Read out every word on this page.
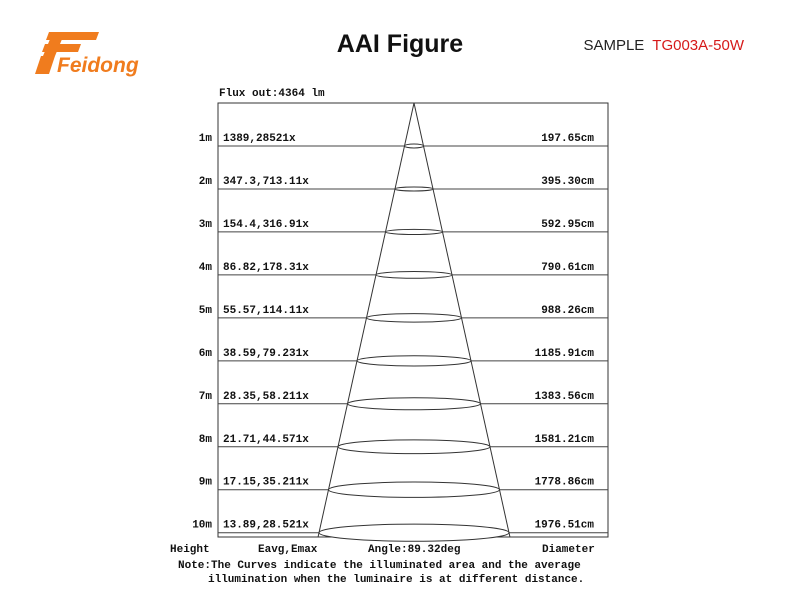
Feidong
AAI Figure	SAMPLE TG003A-50W
Flux out:4364 lm
1m 1389,28521x	197.65cm
2m 347.3,713.11x	395.30cm
3m 154.4,316.91x	592.95cm
4m 86.82,178.31x	790.61cm
5m 55.57,114.11x	988.26cm
6m 38.59,79.231x	1185.91cm
7m 28.35,58.211x	1383.56cm
8m 21.71,44.571x	1581.21cm
9m 17.15,35.211x	1778.86cm
10m 13.89,28.521x	1976.51cm
Height	Eavg,Emax	Angle:89.32deg	Diameter
Note:The Curves indicate the illuminated area and the average
illumination when the luminaire is at different distance.
